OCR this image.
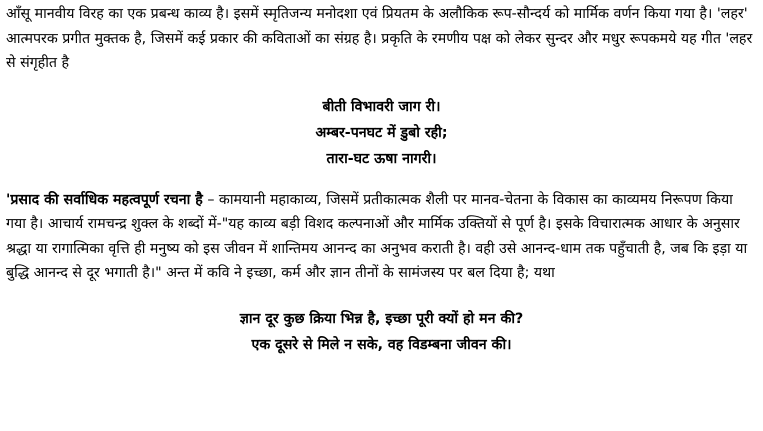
आँसू मानवीय विरह का एक प्रबन्ध काव्य है। इसमें स्मृतिजन्य मनोदशा एवं प्रियतम के अलौकिक रूप-सौन्दर्य को मार्मिक वर्णन किया गया है। 'लहर' आत्मपरक प्रगीत मुक्तक है, जिसमें कई प्रकार की कविताओं का संग्रह है। प्रकृति के रमणीय पक्ष को लेकर सुन्दर और मधुर रूपकमये यह गीत 'लहर से संगृहीत है

बीती विभावरी जाग री।
अम्बर-पनघट में डुबो रही;
तारा-घट ऊषा नागरी।

'प्रसाद की सर्वाधिक महत्वपूर्ण रचना है – कामयानी महाकाव्य, जिसमें प्रतीकात्मक शैली पर मानव-चेतना के विकास का काव्यमय निरूपण किया गया है। आचार्य रामचन्द्र शुक्ल के शब्दों में-"यह काव्य बड़ी विशद कल्पनाओं और मार्मिक उक्तियों से पूर्ण है। इसके विचारात्मक आधार के अनुसार श्रद्धा या रागात्मिका वृत्ति ही मनुष्य को इस जीवन में शान्तिमय आनन्द का अनुभव कराती है। वही उसे आनन्द-धाम तक पहुँचाती है, जब कि इड़ा या बुद्धि आनन्द से दूर भगाती है।" अन्त में कवि ने इच्छा, कर्म और ज्ञान तीनों के सामंजस्य पर बल दिया है; यथा

ज्ञान दूर कुछ क्रिया भिन्न है, इच्छा पूरी क्यों हो मन की?
एक दूसरे से मिले न सके, वह विडम्बना जीवन की।
